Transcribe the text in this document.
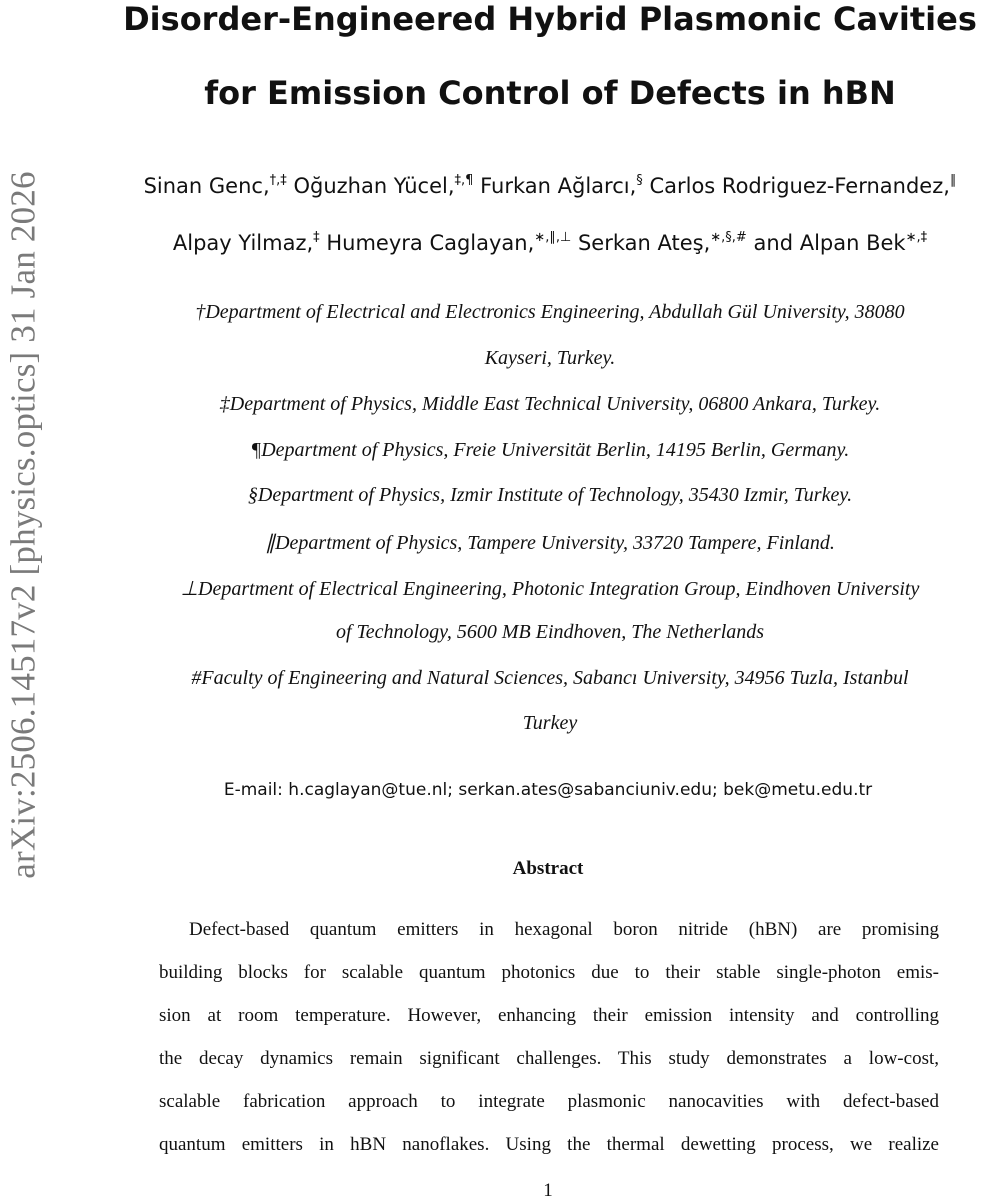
arXiv:2506.14517v2 [physics.optics] 31 Jan 2026
Disorder-Engineered Hybrid Plasmonic Cavities
for Emission Control of Defects in hBN
Sinan Genc,†,‡ Oğuzhan Yücel,‡,¶ Furkan Ağlarcı,§ Carlos Rodriguez-Fernandez,∥
Alpay Yilmaz,‡ Humeyra Caglayan,∗,∥,⊥ Serkan Ateş,∗,§,# and Alpan Bek∗,‡
†Department of Electrical and Electronics Engineering, Abdullah Gül University, 38080
Kayseri, Turkey.
‡Department of Physics, Middle East Technical University, 06800 Ankara, Turkey.
¶Department of Physics, Freie Universität Berlin, 14195 Berlin, Germany.
§Department of Physics, Izmir Institute of Technology, 35430 Izmir, Turkey.
∥Department of Physics, Tampere University, 33720 Tampere, Finland.
⊥Department of Electrical Engineering, Photonic Integration Group, Eindhoven University
of Technology, 5600 MB Eindhoven, The Netherlands
#Faculty of Engineering and Natural Sciences, Sabancı University, 34956 Tuzla, Istanbul
Turkey
E-mail: h.caglayan@tue.nl; serkan.ates@sabanciuniv.edu; bek@metu.edu.tr
Abstract
Defect-based quantum emitters in hexagonal boron nitride (hBN) are promising
building blocks for scalable quantum photonics due to their stable single-photon emis-
sion at room temperature. However, enhancing their emission intensity and controlling
the decay dynamics remain significant challenges. This study demonstrates a low-cost,
scalable fabrication approach to integrate plasmonic nanocavities with defect-based
quantum emitters in hBN nanoflakes. Using the thermal dewetting process, we realize
1
